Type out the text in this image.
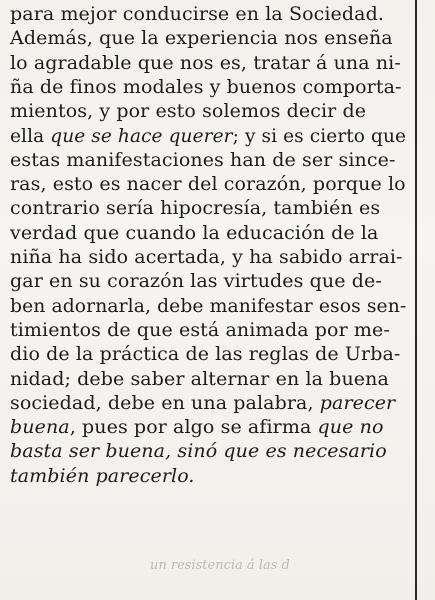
para mejor conducirse en la Sociedad.
Además, que la experiencia nos enseña
lo agradable que nos es, tratar á una ni-
ña de finos modales y buenos comporta-
mientos, y por esto solemos decir de
ella que se hace querer; y si es cierto que
estas manifestaciones han de ser since-
ras, esto es nacer del corazón, porque lo
contrario sería hipocresía, también es
verdad que cuando la educación de la
niña ha sido acertada, y ha sabido arrai-
gar en su corazón las virtudes que de-
ben adornarla, debe manifestar esos sen-
timientos de que está animada por me-
dio de la práctica de las reglas de Urba-
nidad; debe saber alternar en la buena
sociedad, debe en una palabra, parecer
buena, pues por algo se afirma que no
basta ser buena, sinó que es necesario
también parecerlo.
un resistencia á las d
